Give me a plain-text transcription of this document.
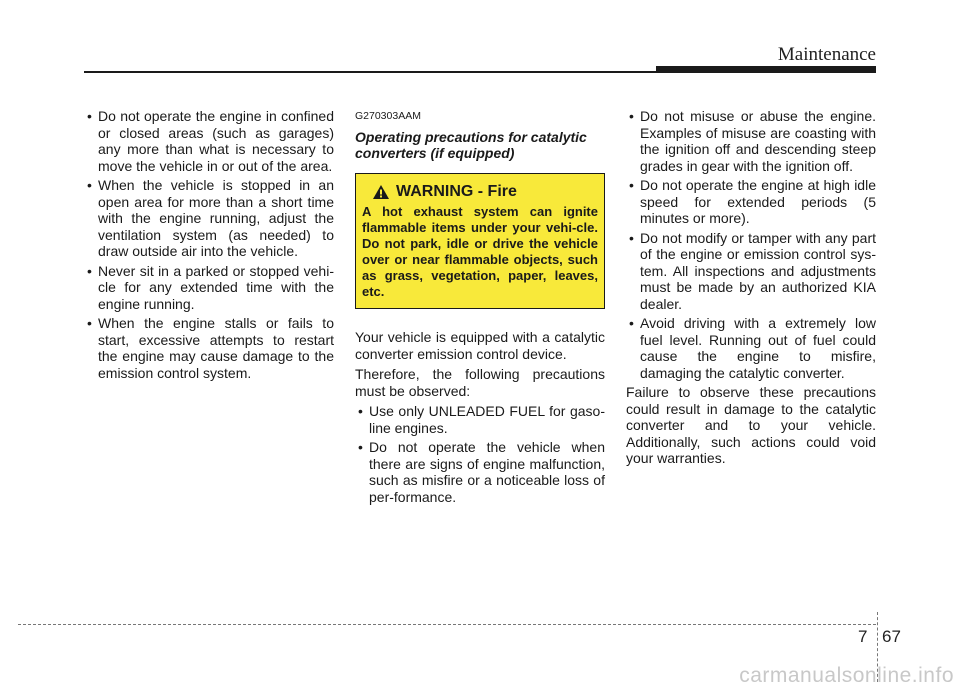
Maintenance
• Do not operate the engine in confined or closed areas (such as garages) any more than what is necessary to move the vehicle in or out of the area.
• When the vehicle is stopped in an open area for more than a short time with the engine running, adjust the ventilation system (as needed) to draw outside air into the vehicle.
• Never sit in a parked or stopped vehi-cle for any extended time with the engine running.
• When the engine stalls or fails to start, excessive attempts to restart the engine may cause damage to the emission control system.
G270303AAM
Operating precautions for catalytic converters (if equipped)
WARNING - Fire
A hot exhaust system can ignite flammable items under your vehi-cle. Do not park, idle or drive the vehicle over or near flammable objects, such as grass, vegetation, paper, leaves, etc.

Your vehicle is equipped with a catalytic converter emission control device.

Therefore, the following precautions must be observed:

• Use only UNLEADED FUEL for gaso-line engines.
• Do not operate the vehicle when there are signs of engine malfunction, such as misfire or a noticeable loss of per-formance.
• Do not misuse or abuse the engine. Examples of misuse are coasting with the ignition off and descending steep grades in gear with the ignition off.
• Do not operate the engine at high idle speed for extended periods (5 minutes or more).
• Do not modify or tamper with any part of the engine or emission control sys-tem. All inspections and adjustments must be made by an authorized KIA dealer.
• Avoid driving with a extremely low fuel level. Running out of fuel could cause the engine to misfire, damaging the catalytic converter.

Failure to observe these precautions could result in damage to the catalytic converter and to your vehicle. Additionally, such actions could void your warranties.

7 67
carmanualsonline.info
